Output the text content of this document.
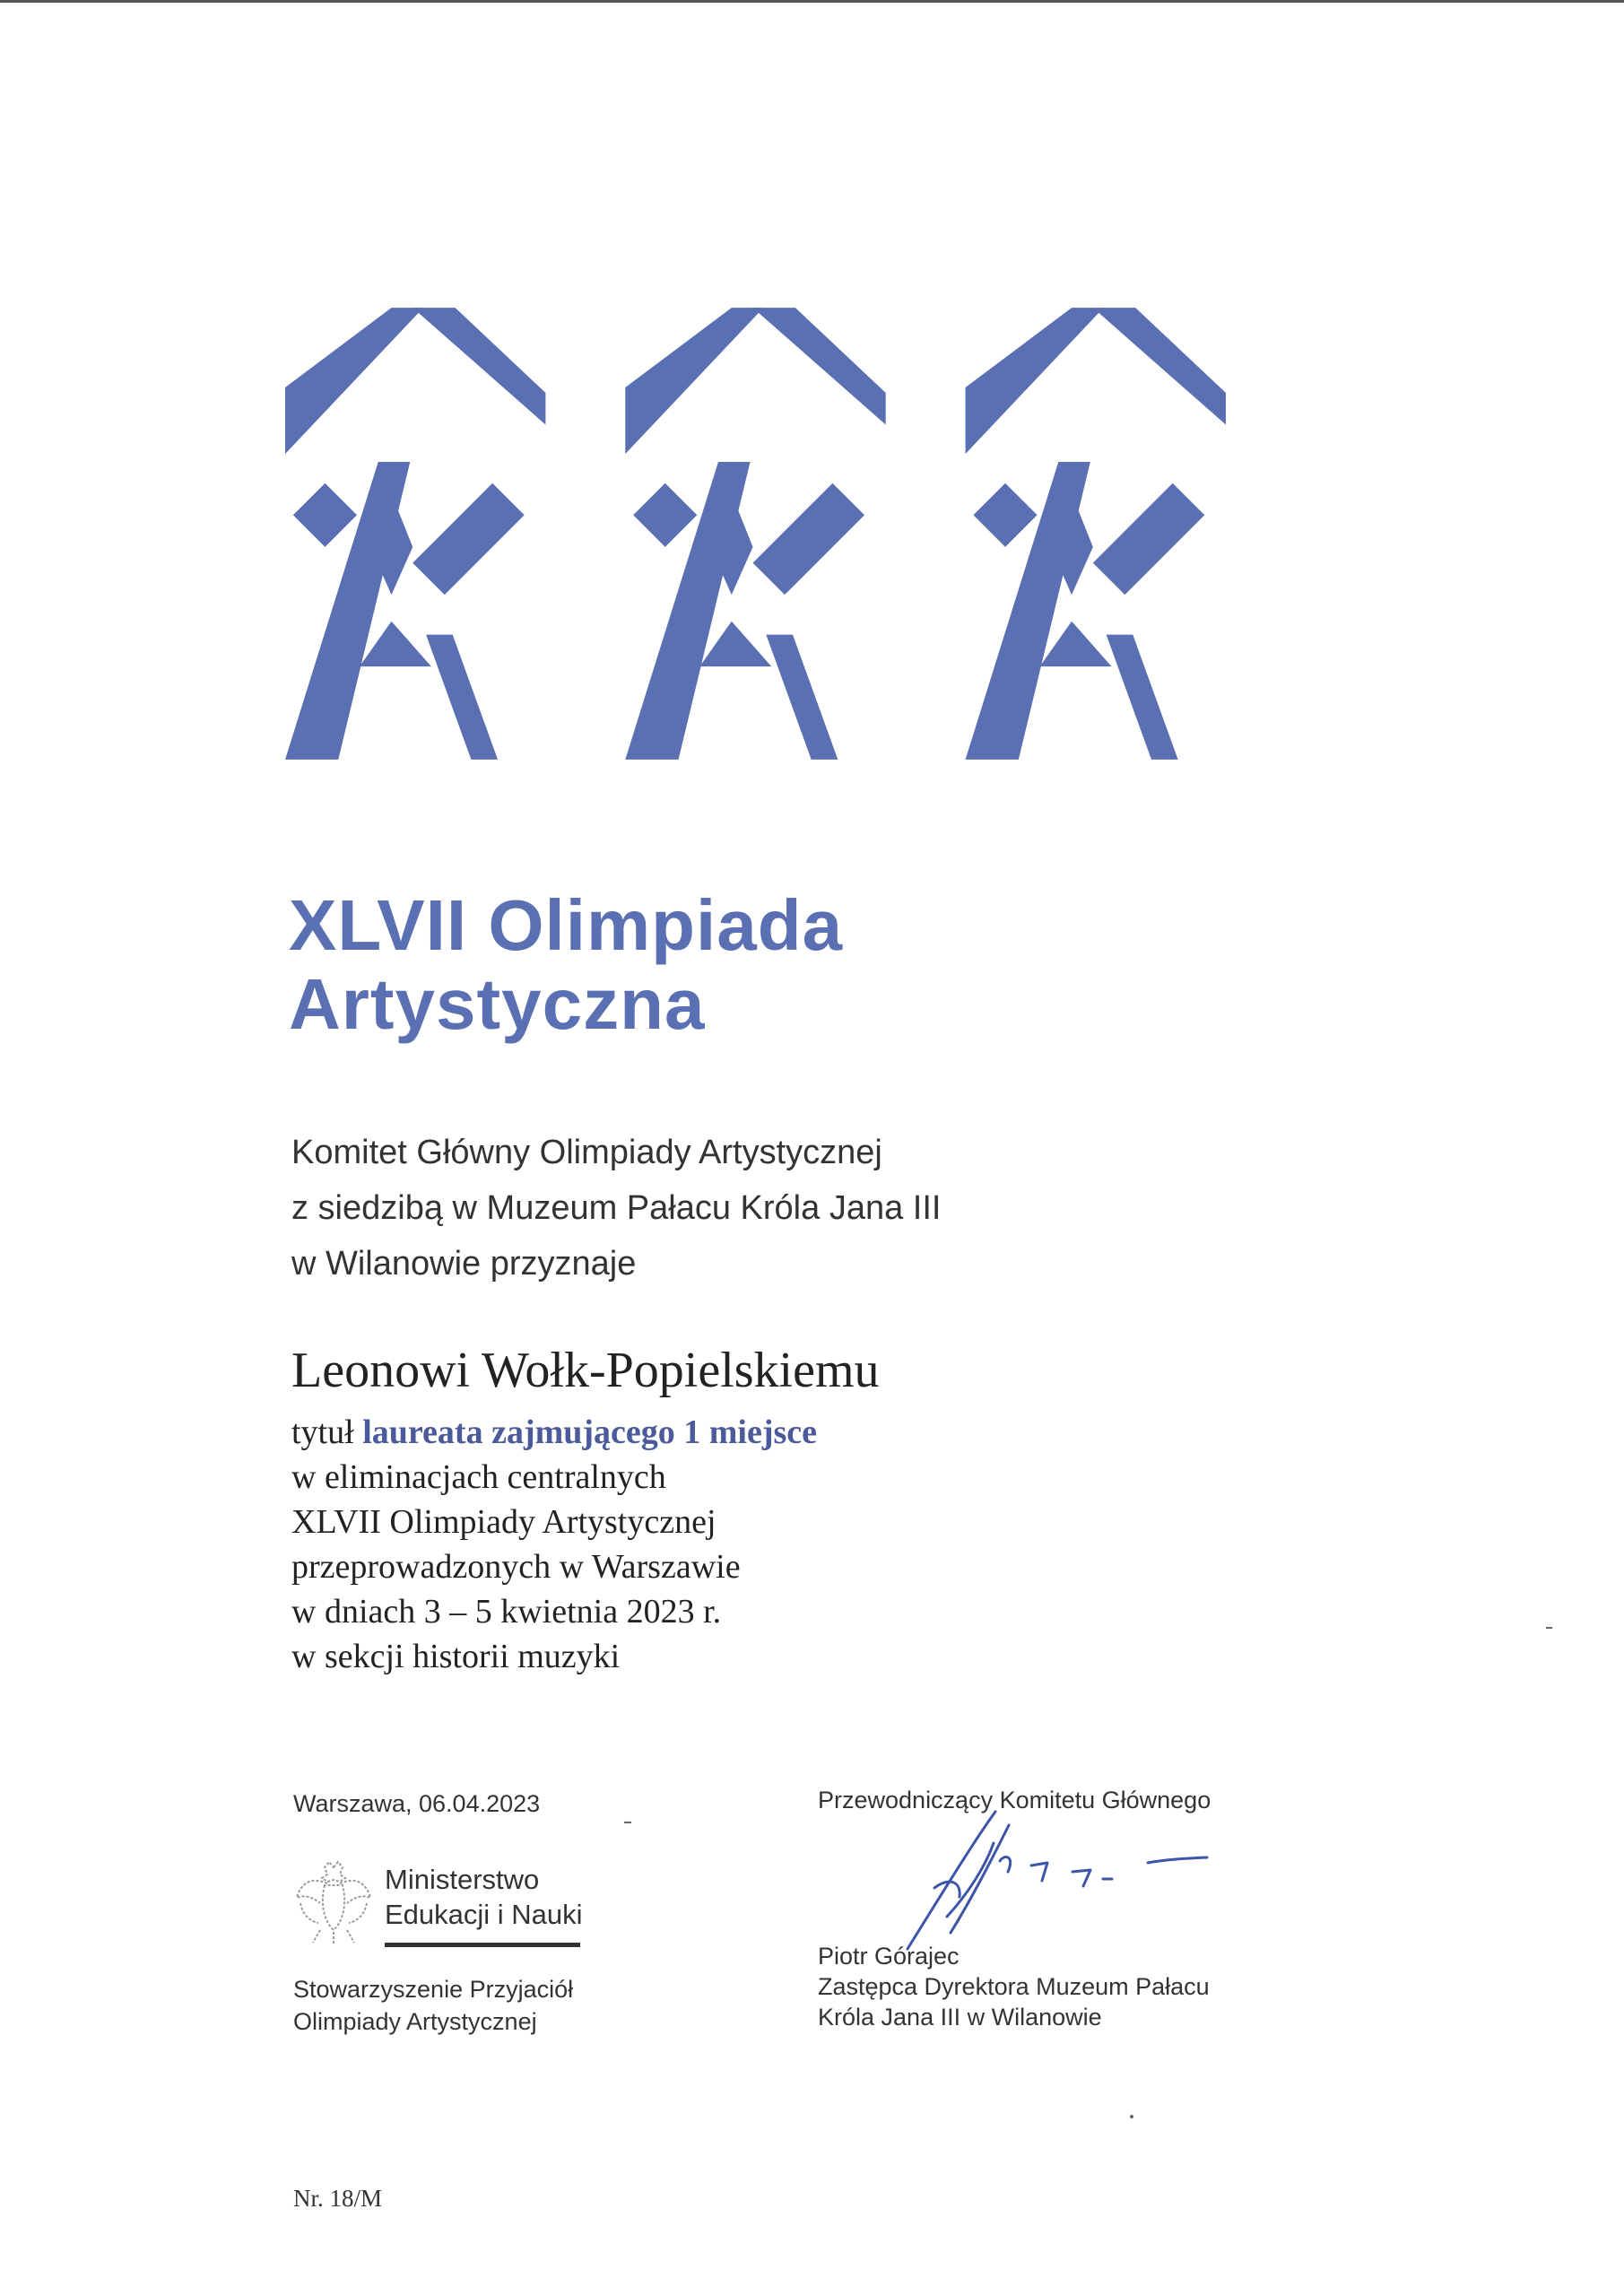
XLVII Olimpiada
Artystyczna
Komitet Główny Olimpiady Artystycznej
z siedzibą w Muzeum Pałacu Króla Jana III
w Wilanowie przyznaje
Leonowi Wołk-Popielskiemu
tytuł laureata zajmującego 1 miejsce
w eliminacjach centralnych
XLVII Olimpiady Artystycznej
przeprowadzonych w Warszawie
w dniach 3 – 5 kwietnia 2023 r.
w sekcji historii muzyki
Warszawa, 06.04.2023
Ministerstwo
Edukacji i Nauki
Stowarzyszenie Przyjaciół
Olimpiady Artystycznej
Przewodniczący Komitetu Głównego
Piotr Górajec
Zastępca Dyrektora Muzeum Pałacu
Króla Jana III w Wilanowie
Nr. 18/M
